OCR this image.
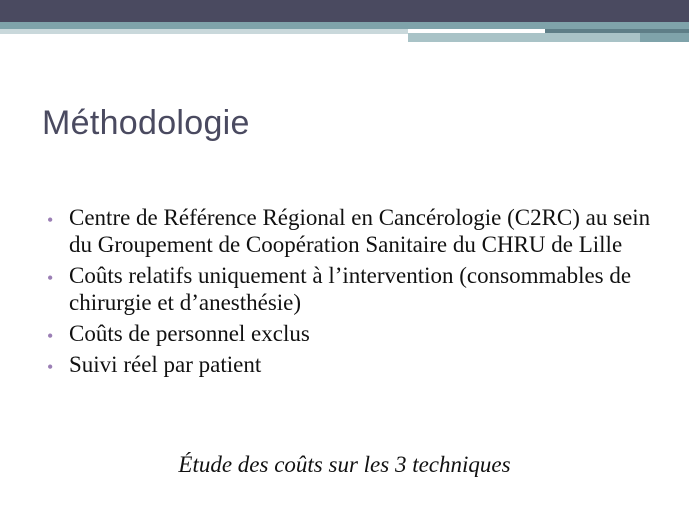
Méthodologie
• Centre de Référence Régional en Cancérologie (C2RC) au sein du Groupement de Coopération Sanitaire du CHRU de Lille
• Coûts relatifs uniquement à l’intervention (consommables de chirurgie et d’anesthésie)
• Coûts de personnel exclus
• Suivi réel par patient
Étude des coûts sur les 3 techniques
